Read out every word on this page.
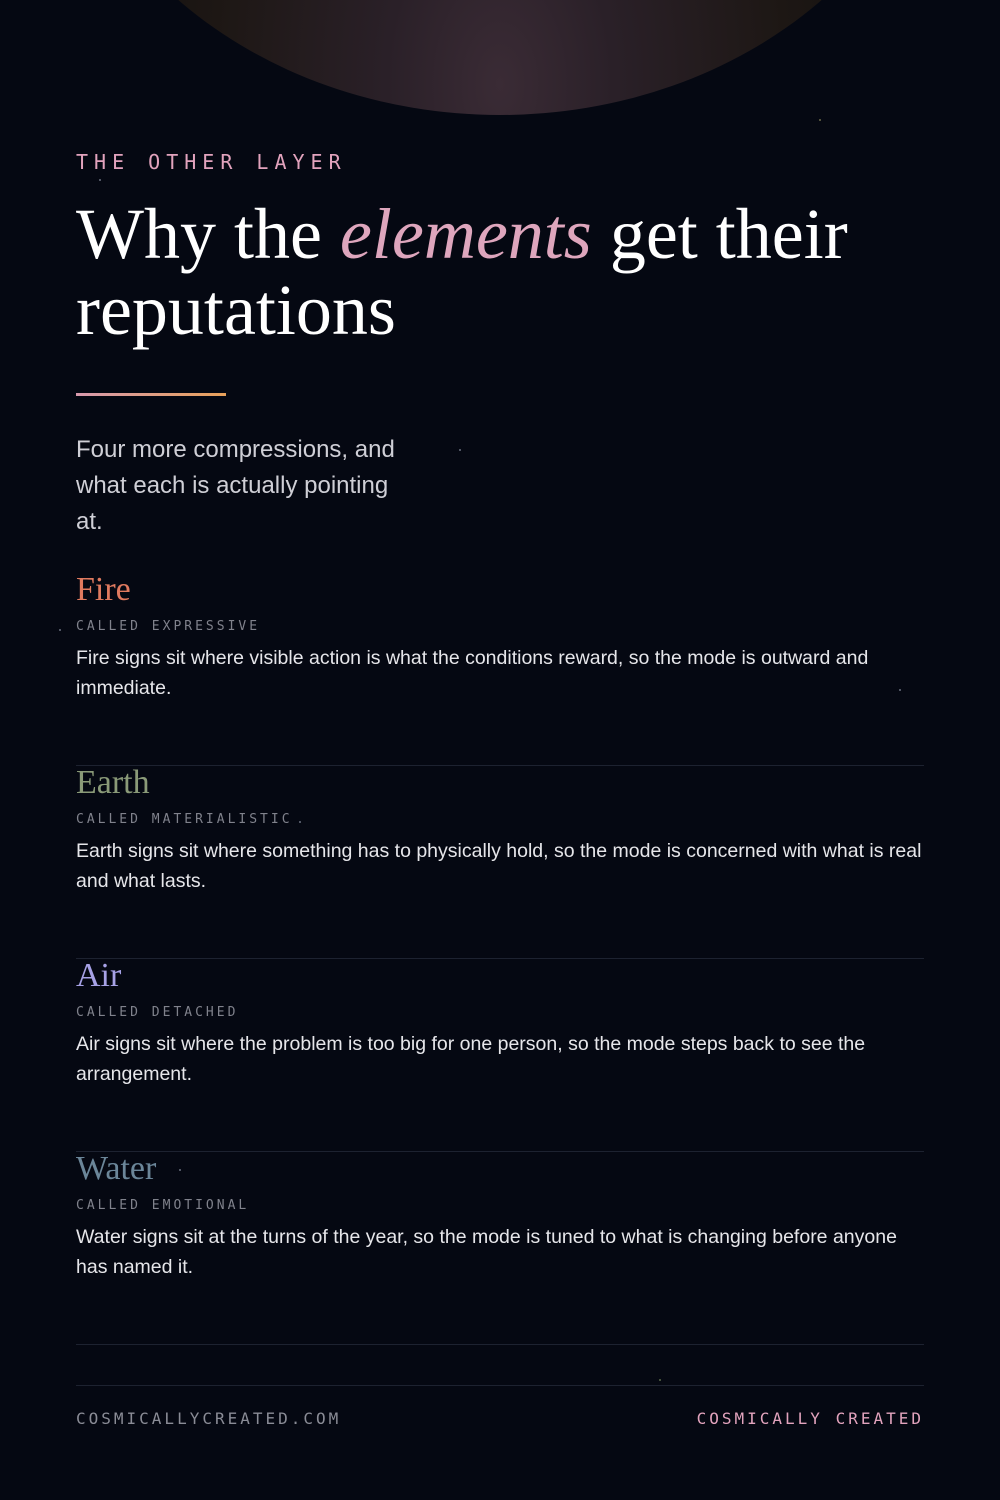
THE OTHER LAYER
Why the elements get their reputations
Four more compressions, and what each is actually pointing at.
Fire
CALLED EXPRESSIVE
Fire signs sit where visible action is what the conditions reward, so the mode is outward and immediate.
Earth
CALLED MATERIALISTIC
Earth signs sit where something has to physically hold, so the mode is concerned with what is real and what lasts.
Air
CALLED DETACHED
Air signs sit where the problem is too big for one person, so the mode steps back to see the arrangement.
Water
CALLED EMOTIONAL
Water signs sit at the turns of the year, so the mode is tuned to what is changing before anyone has named it.
COSMICALLYCREATED.COM	COSMICALLY CREATED
